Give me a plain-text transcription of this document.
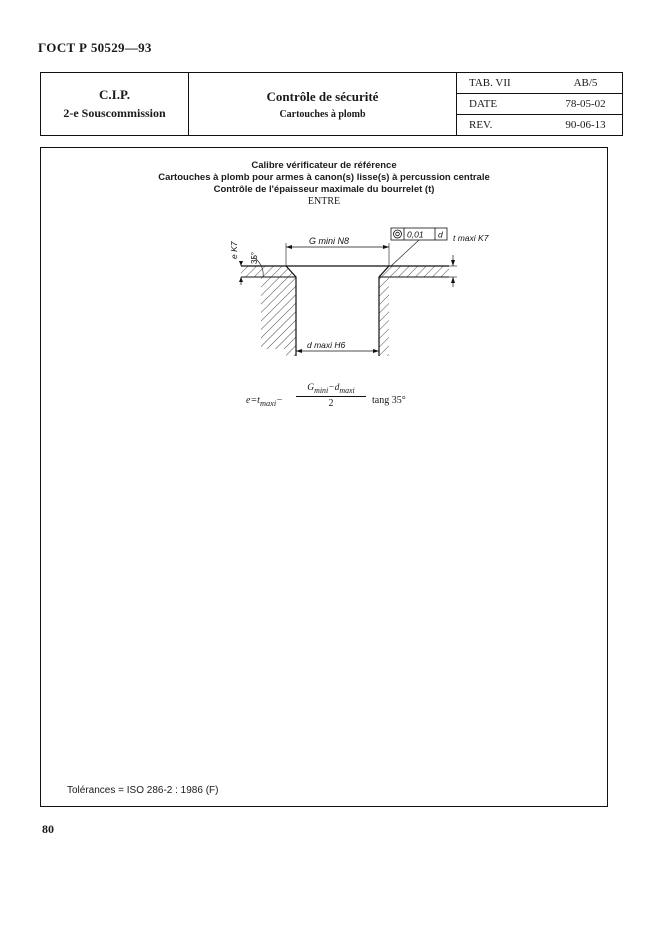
ГОСТ Р 50529—93
C.I.P.
2-e Souscommission

Contrôle de sécurité
Cartouches à plomb

TAB. VII	AB/5
DATE	78-05-02
REV.	90-06-13
Calibre vérificateur de référence
Cartouches à plomb pour armes à canon(s) lisse(s) à percussion centrale
Contrôle de l'épaisseur maximale du bourrelet (t)
ENTRE
G mini N8
0,01 d t maxi K7
e K7 35°
d maxi H6
$e=t_{maxi}-$
$G_{mini}-d_{maxi}$
2	tang 35°
Tolérances = ISO 286-2 : 1986 (F)
80
